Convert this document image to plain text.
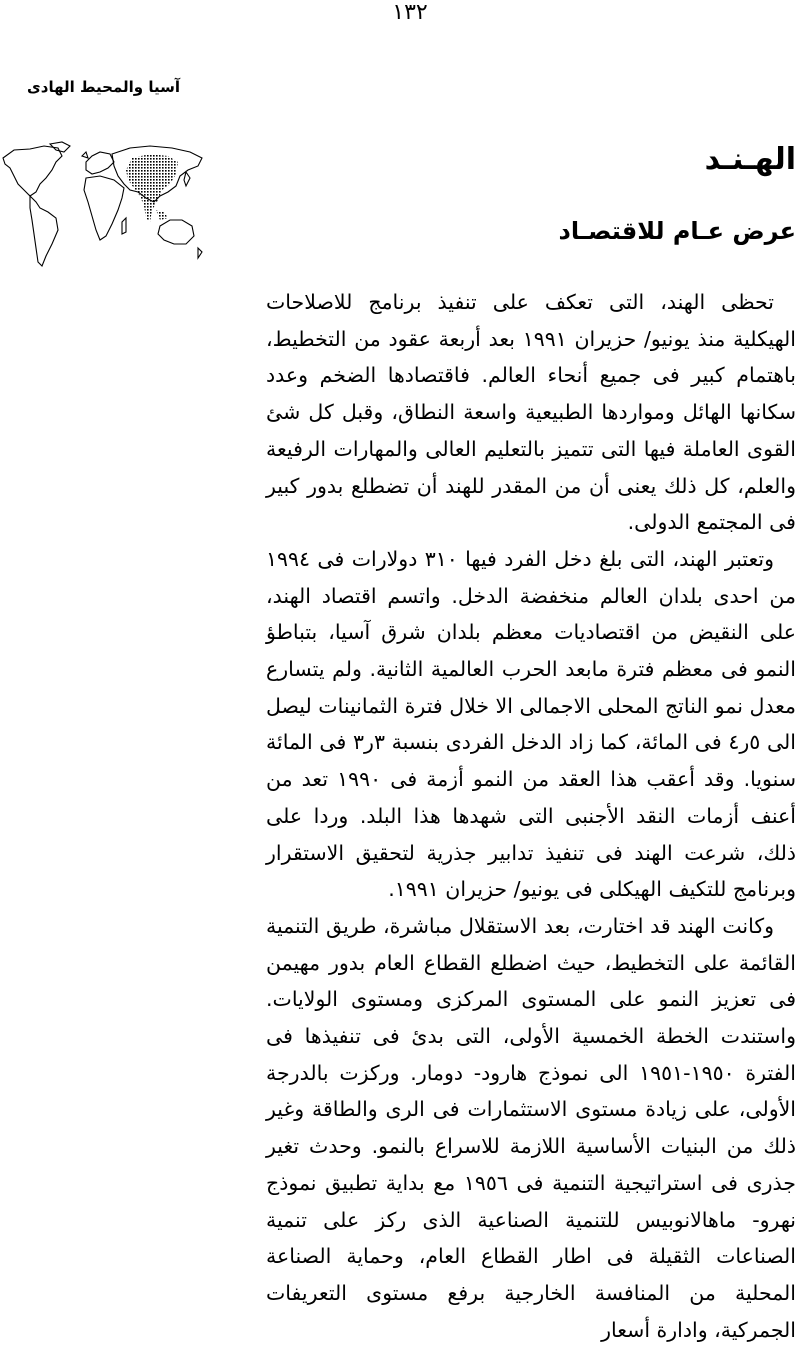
١٣٢
آسيا والمحيط الهادى
الهـنـد
عرض عـام للاقتصـاد

تحظى الهند، التى تعكف على تنفيذ برنامج للاصلاحات الهيكلية منذ يونيو/ حزيران ١٩٩١ بعد أربعة عقود من التخطيط، باهتمام كبير فى جميع أنحاء العالم. فاقتصادها الضخم وعدد سكانها الهائل ومواردها الطبيعية واسعة النطاق، وقبل كل شئ القوى العاملة فيها التى تتميز بالتعليم العالى والمهارات الرفيعة والعلم، كل ذلك يعنى أن من المقدر للهند أن تضطلع بدور كبير فى المجتمع الدولى.

وتعتبر الهند، التى بلغ دخل الفرد فيها ٣١٠ دولارات فى ١٩٩٤ من احدى بلدان العالم منخفضة الدخل. واتسم اقتصاد الهند، على النقيض من اقتصاديات معظم بلدان شرق آسيا، بتباطؤ النمو فى معظم فترة مابعد الحرب العالمية الثانية. ولم يتسارع معدل نمو الناتج المحلى الاجمالى الا خلال فترة الثمانينات ليصل الى ٥ر٤ فى المائة، كما زاد الدخل الفردى بنسبة ٣ر٣ فى المائة سنويا. وقد أعقب هذا العقد من النمو أزمة فى ١٩٩٠ تعد من أعنف أزمات النقد الأجنبى التى شهدها هذا البلد. وردا على ذلك، شرعت الهند فى تنفيذ تدابير جذرية لتحقيق الاستقرار وبرنامج للتكيف الهيكلى فى يونيو/ حزيران ١٩٩١.

وكانت الهند قد اختارت، بعد الاستقلال مباشرة، طريق التنمية القائمة على التخطيط، حيث اضطلع القطاع العام بدور مهيمن فى تعزيز النمو على المستوى المركزى ومستوى الولايات. واستندت الخطة الخمسية الأولى، التى بدئ فى تنفيذها فى الفترة ١٩٥٠-١٩٥١ الى نموذج هارود- دومار. وركزت بالدرجة الأولى، على زيادة مستوى الاستثمارات فى الرى والطاقة وغير ذلك من البنيات الأساسية اللازمة للاسراع بالنمو. وحدث تغير جذرى فى استراتيجية التنمية فى ١٩٥٦ مع بداية تطبيق نموذج نهرو- ماهالانوبيس للتنمية الصناعية الذى ركز على تنمية الصناعات الثقيلة فى اطار القطاع العام، وحماية الصناعة المحلية من المنافسة الخارجية برفع مستوى التعريفات الجمركية، وادارة أسعار
